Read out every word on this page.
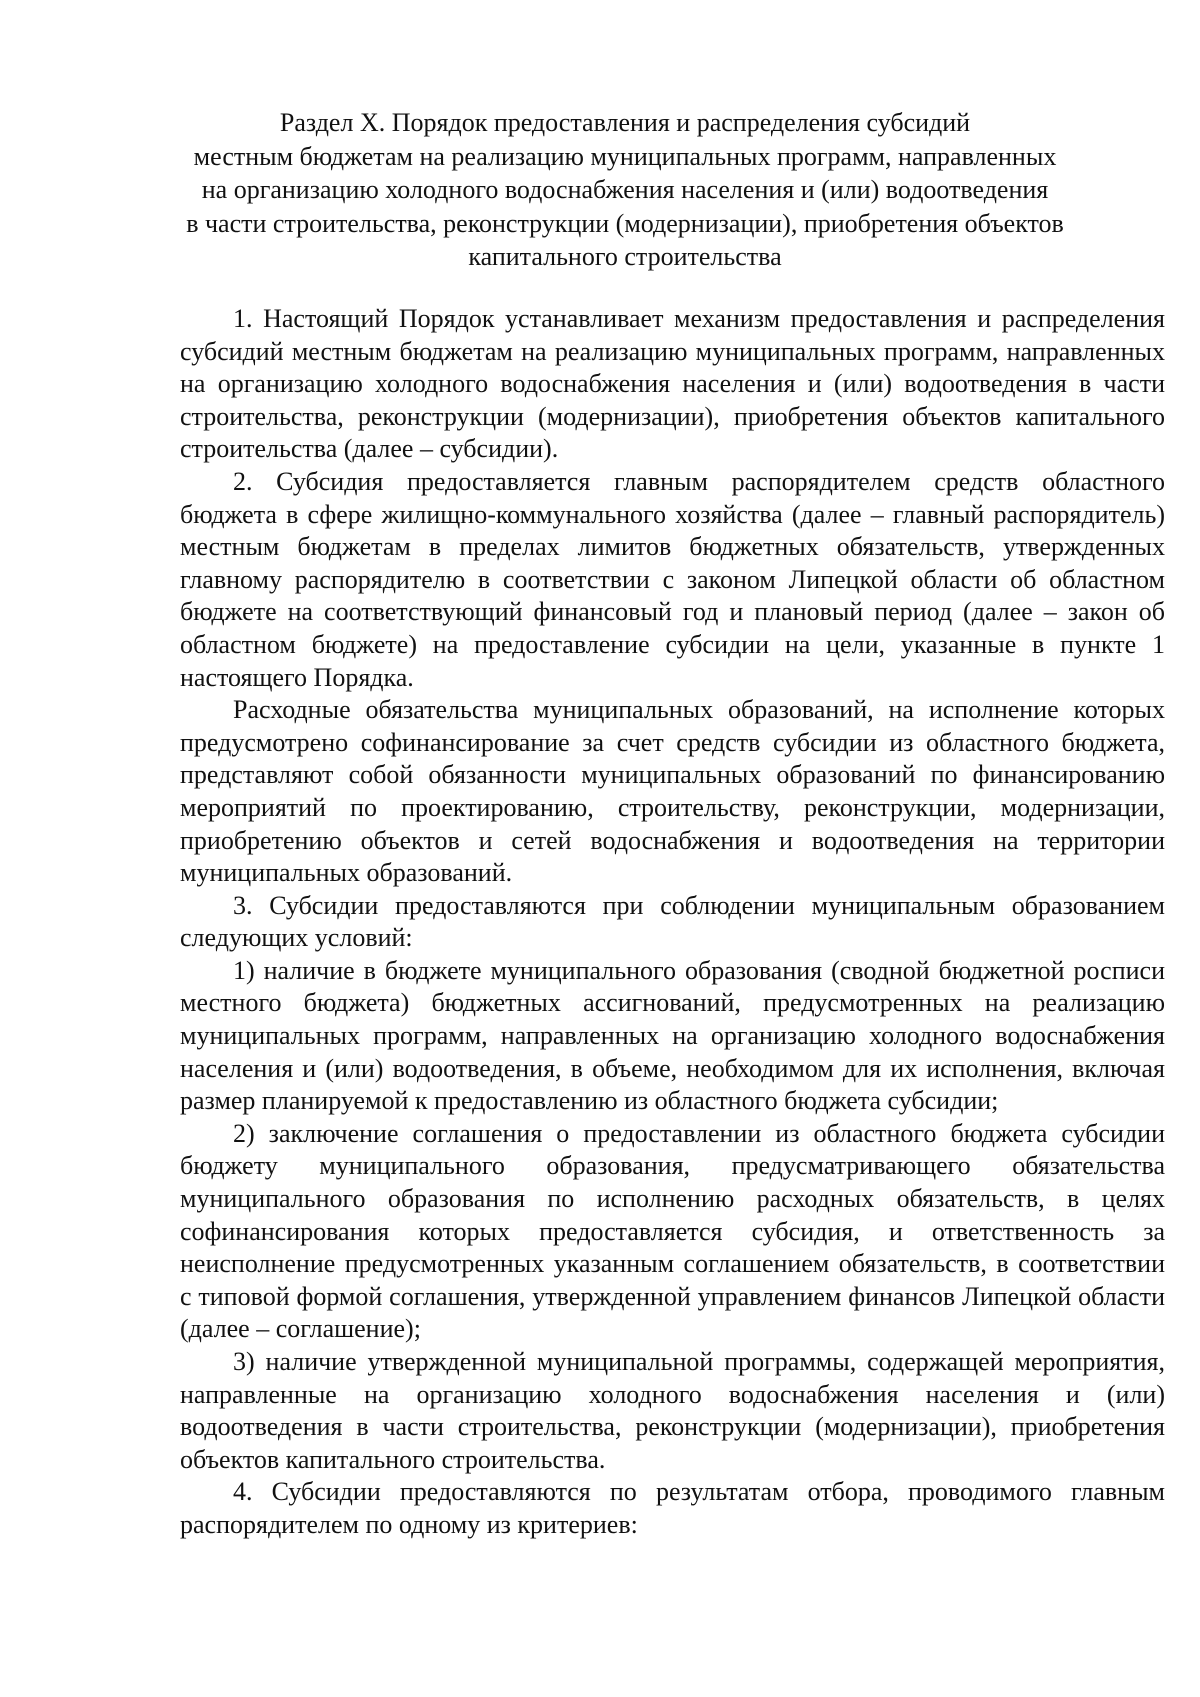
Раздел X. Порядок предоставления и распределения субсидий
местным бюджетам на реализацию муниципальных программ, направленных
на организацию холодного водоснабжения населения и (или) водоотведения
в части строительства, реконструкции (модернизации), приобретения объектов
капитального строительства

1. Настоящий Порядок устанавливает механизм предоставления и распределения субсидий местным бюджетам на реализацию муниципальных программ, направленных на организацию холодного водоснабжения населения и (или) водоотведения в части строительства, реконструкции (модернизации), приобретения объектов капитального строительства (далее – субсидии).

2. Субсидия предоставляется главным распорядителем средств областного бюджета в сфере жилищно-коммунального хозяйства (далее – главный распорядитель) местным бюджетам в пределах лимитов бюджетных обязательств, утвержденных главному распорядителю в соответствии с законом Липецкой области об областном бюджете на соответствующий финансовый год и плановый период (далее – закон об областном бюджете) на предоставление субсидии на цели, указанные в пункте 1 настоящего Порядка.

Расходные обязательства муниципальных образований, на исполнение которых предусмотрено софинансирование за счет средств субсидии из областного бюджета, представляют собой обязанности муниципальных образований по финансированию мероприятий по проектированию, строительству, реконструкции, модернизации, приобретению объектов и сетей водоснабжения и водоотведения на территории муниципальных образований.

3. Субсидии предоставляются при соблюдении муниципальным образованием следующих условий:

1) наличие в бюджете муниципального образования (сводной бюджетной росписи местного бюджета) бюджетных ассигнований, предусмотренных на реализацию муниципальных программ, направленных на организацию холодного водоснабжения населения и (или) водоотведения, в объеме, необходимом для их исполнения, включая размер планируемой к предоставлению из областного бюджета субсидии;

2) заключение соглашения о предоставлении из областного бюджета субсидии бюджету муниципального образования, предусматривающего обязательства муниципального образования по исполнению расходных обязательств, в целях софинансирования которых предоставляется субсидия, и ответственность за неисполнение предусмотренных указанным соглашением обязательств, в соответствии с типовой формой соглашения, утвержденной управлением финансов Липецкой области (далее – соглашение);

3) наличие утвержденной муниципальной программы, содержащей мероприятия, направленные на организацию холодного водоснабжения населения и (или) водоотведения в части строительства, реконструкции (модернизации), приобретения объектов капитального строительства.

4. Субсидии предоставляются по результатам отбора, проводимого главным распорядителем по одному из критериев:
